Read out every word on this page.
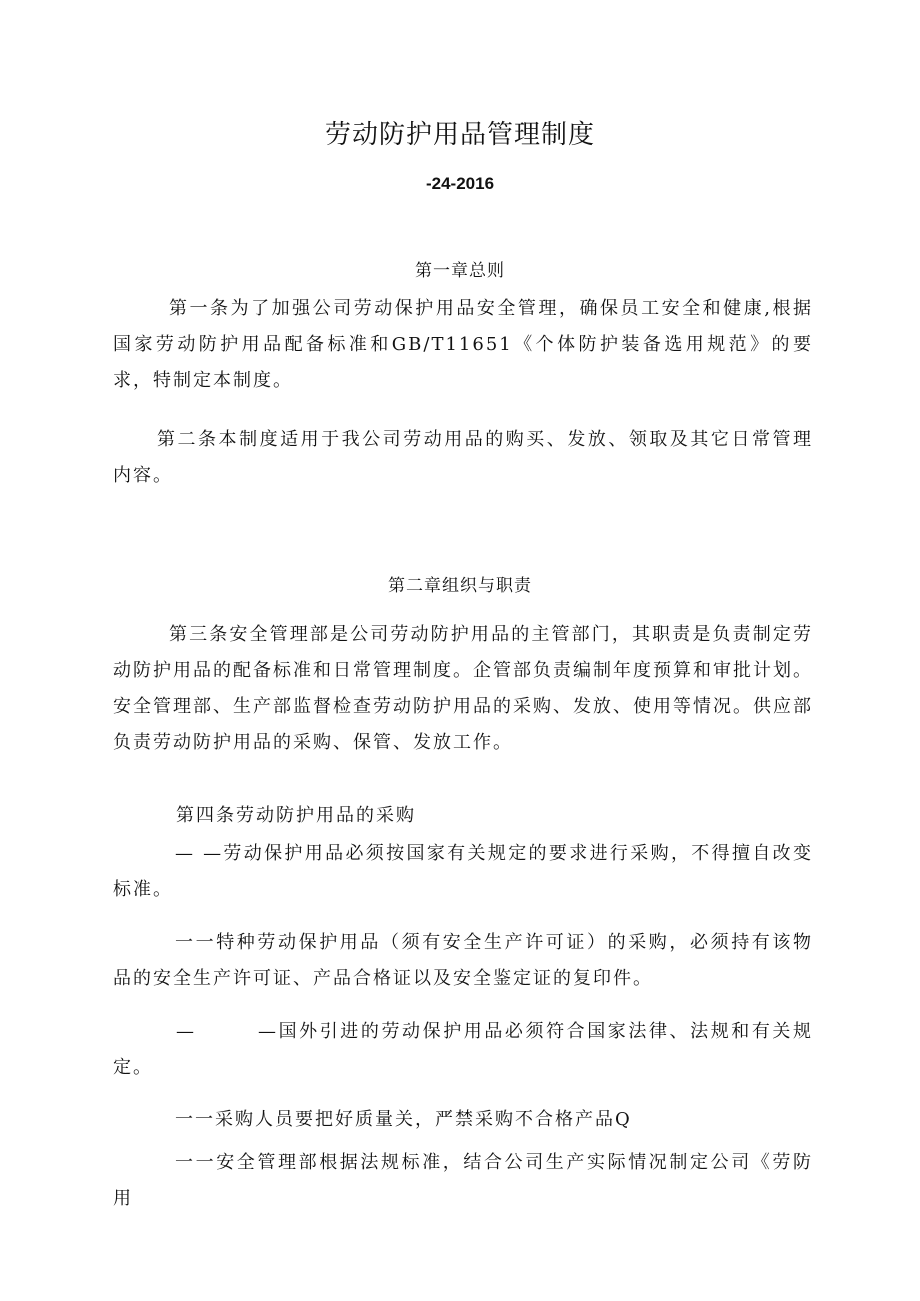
劳动防护用品管理制度
-24-2016
第一章总则
第一条为了加强公司劳动保护用品安全管理，确保员工安全和健康,根据国家劳动防护用品配备标准和GB/T11651《个体防护装备选用规范》的要求，特制定本制度。
第二条本制度适用于我公司劳动用品的购买、发放、领取及其它日常管理内容。
第二章组织与职责
第三条安全管理部是公司劳动防护用品的主管部门，其职责是负责制定劳动防护用品的配备标准和日常管理制度。企管部负责编制年度预算和审批计划。安全管理部、生产部监督检查劳动防护用品的采购、发放、使用等情况。供应部负责劳动防护用品的采购、保管、发放工作。
第四条劳动防护用品的采购
— —劳动保护用品必须按国家有关规定的要求进行采购，不得擅自改变标准。
一一特种劳动保护用品（须有安全生产许可证）的采购，必须持有该物品的安全生产许可证、产品合格证以及安全鉴定证的复印件。
—	—国外引进的劳动保护用品必须符合国家法律、法规和有关规定。
一一采购人员要把好质量关，严禁采购不合格产品Q
一一安全管理部根据法规标准，结合公司生产实际情况制定公司《劳防用
